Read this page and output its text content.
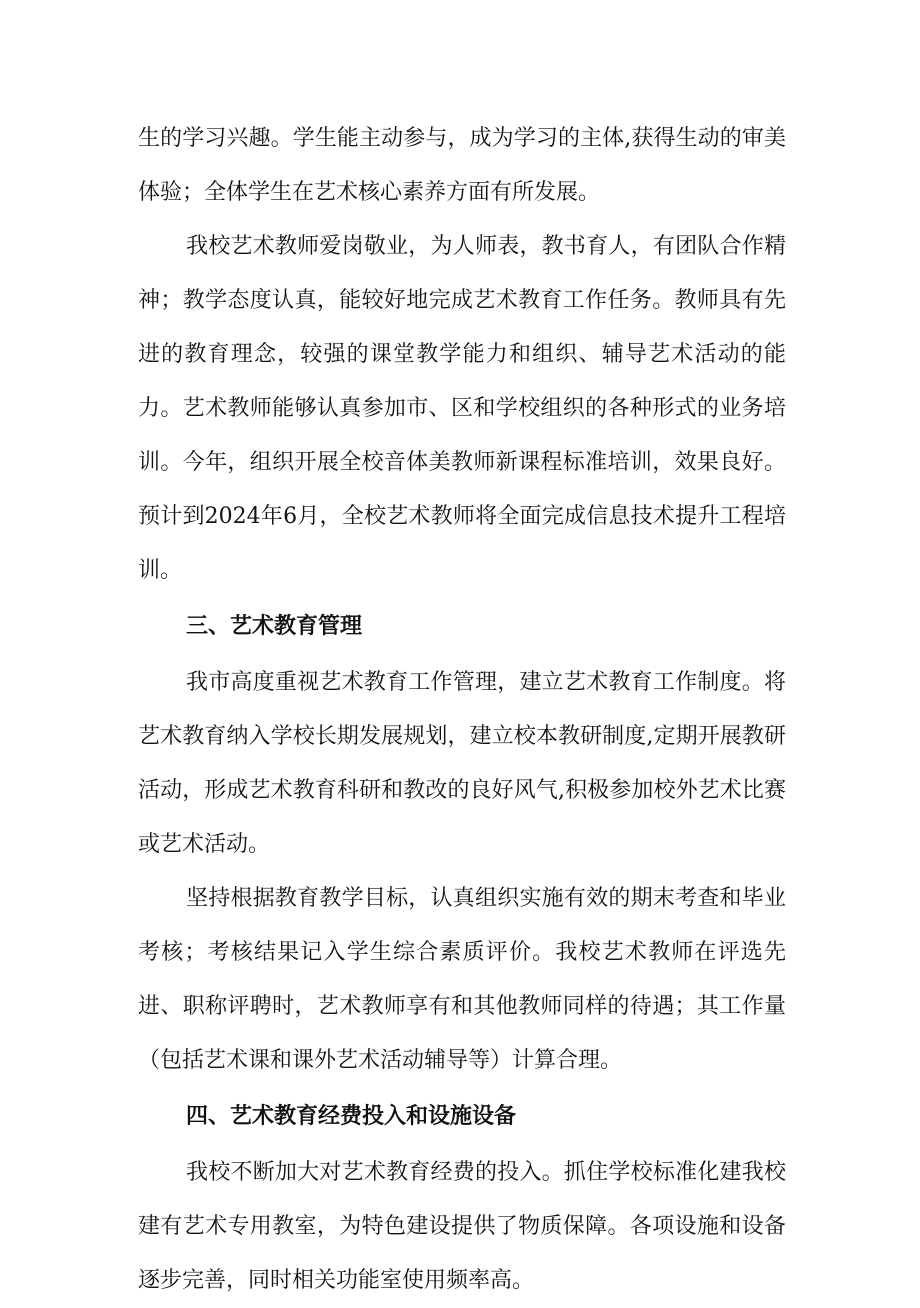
生的学习兴趣。学生能主动参与，成为学习的主体,获得生动的审美体验；全体学生在艺术核心素养方面有所发展。

我校艺术教师爱岗敬业，为人师表，教书育人，有团队合作精神；教学态度认真，能较好地完成艺术教育工作任务。教师具有先进的教育理念，较强的课堂教学能力和组织、辅导艺术活动的能力。艺术教师能够认真参加市、区和学校组织的各种形式的业务培训。今年，组织开展全校音体美教师新课程标准培训，效果良好。预计到2024年6月，全校艺术教师将全面完成信息技术提升工程培训。

三、艺术教育管理

我市高度重视艺术教育工作管理，建立艺术教育工作制度。将艺术教育纳入学校长期发展规划，建立校本教研制度,定期开展教研活动，形成艺术教育科研和教改的良好风气,积极参加校外艺术比赛或艺术活动。

坚持根据教育教学目标，认真组织实施有效的期末考查和毕业考核；考核结果记入学生综合素质评价。我校艺术教师在评选先进、职称评聘时，艺术教师享有和其他教师同样的待遇；其工作量（包括艺术课和课外艺术活动辅导等）计算合理。

四、艺术教育经费投入和设施设备

我校不断加大对艺术教育经费的投入。抓住学校标准化建我校建有艺术专用教室，为特色建设提供了物质保障。各项设施和设备逐步完善，同时相关功能室使用频率高。
